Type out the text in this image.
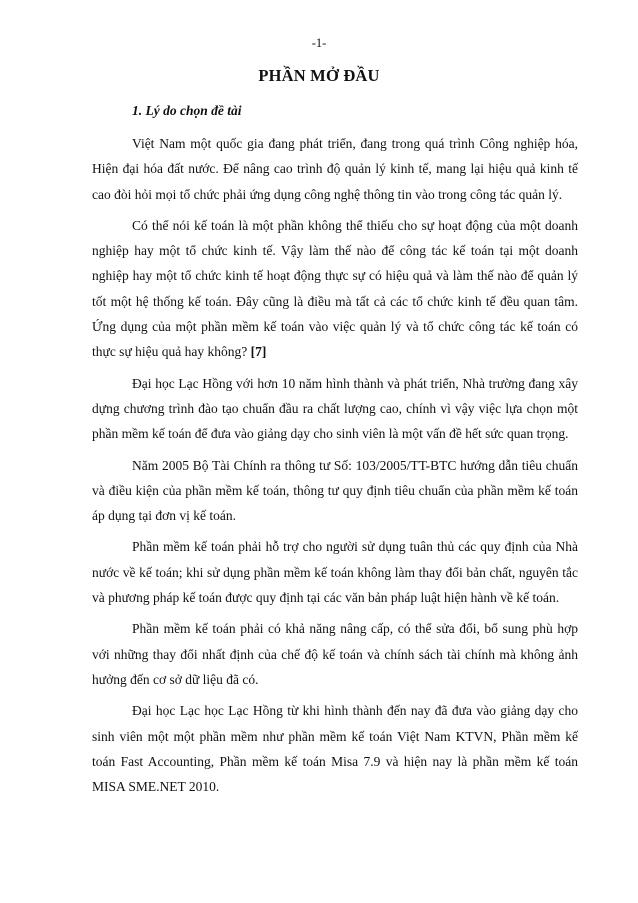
-1-
PHẦN MỞ ĐẦU
1. Lý do chọn đề tài

Việt Nam một quốc gia đang phát triển, đang trong quá trình Công nghiệp hóa, Hiện đại hóa đất nước. Để nâng cao trình độ quản lý kinh tế, mang lại hiệu quả kinh tế cao đòi hỏi mọi tổ chức phải ứng dụng công nghệ thông tin vào trong công tác quản lý.

Có thể nói kế toán là một phần không thể thiếu cho sự hoạt động của một doanh nghiệp hay một tổ chức kinh tế. Vậy làm thế nào để công tác kế toán tại một doanh nghiệp hay một tổ chức kinh tế hoạt động thực sự có hiệu quả và làm thế nào để quản lý tốt một hệ thống kế toán. Đây cũng là điều mà tất cả các tổ chức kinh tế đều quan tâm. Ứng dụng của một phần mềm kế toán vào việc quản lý và tổ chức công tác kế toán có thực sự hiệu quả hay không? [7]

Đại học Lạc Hồng với hơn 10 năm hình thành và phát triển, Nhà trường đang xây dựng chương trình đào tạo chuẩn đầu ra chất lượng cao, chính vì vậy việc lựa chọn một phần mềm kế toán để đưa vào giảng dạy cho sinh viên là một vấn đề hết sức quan trọng.

Năm 2005 Bộ Tài Chính ra thông tư Số: 103/2005/TT-BTC hướng dẫn tiêu chuẩn và điều kiện của phần mềm kế toán, thông tư quy định tiêu chuẩn của phần mềm kế toán áp dụng tại đơn vị kế toán.

Phần mềm kế toán phải hỗ trợ cho người sử dụng tuân thủ các quy định của Nhà nước về kế toán; khi sử dụng phần mềm kế toán không làm thay đổi bản chất, nguyên tắc và phương pháp kế toán được quy định tại các văn bản pháp luật hiện hành về kế toán.

Phần mềm kế toán phải có khả năng nâng cấp, có thể sửa đổi, bổ sung phù hợp với những thay đổi nhất định của chế độ kế toán và chính sách tài chính mà không ảnh hưởng đến cơ sở dữ liệu đã có.

Đại học Lạc học Lạc Hồng từ khi hình thành đến nay đã đưa vào giảng dạy cho sinh viên một một phần mềm như phần mềm kế toán Việt Nam KTVN, Phần mềm kế toán Fast Accounting, Phần mềm kế toán Misa 7.9 và hiện nay là phần mềm kế toán MISA SME.NET 2010.
